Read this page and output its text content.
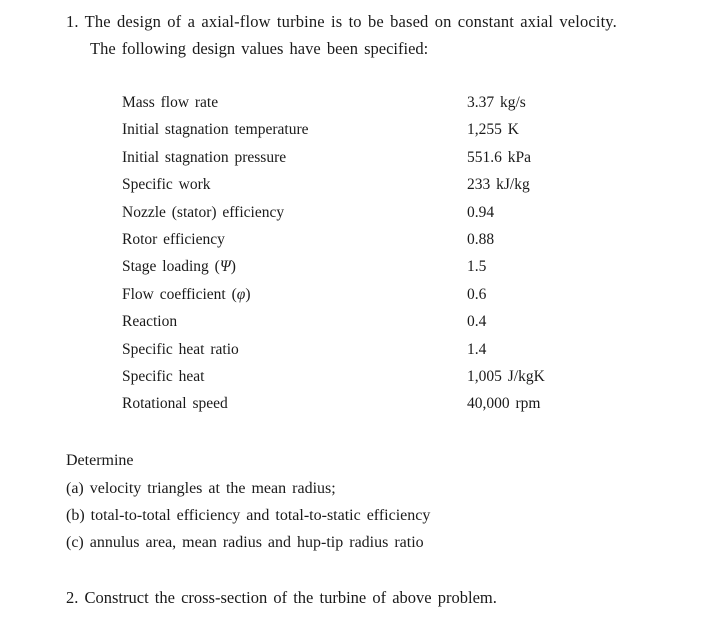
1. The design of a axial-flow turbine is to be based on constant axial velocity.
The following design values have been specified:
Mass flow rate	3.37 kg/s
Initial stagnation temperature	1,255 K
Initial stagnation pressure	551.6 kPa
Specific work	233 kJ/kg
Nozzle (stator) efficiency	0.94
Rotor efficiency	0.88
Stage loading (Ψ)	1.5
Flow coefficient (φ)	0.6
Reaction	0.4
Specific heat ratio	1.4
Specific heat	1,005 J/kgK
Rotational speed	40,000 rpm
Determine
(a) velocity triangles at the mean radius;
(b) total-to-total efficiency and total-to-static efficiency
(c) annulus area, mean radius and hup-tip radius ratio
2. Construct the cross-section of the turbine of above problem.
